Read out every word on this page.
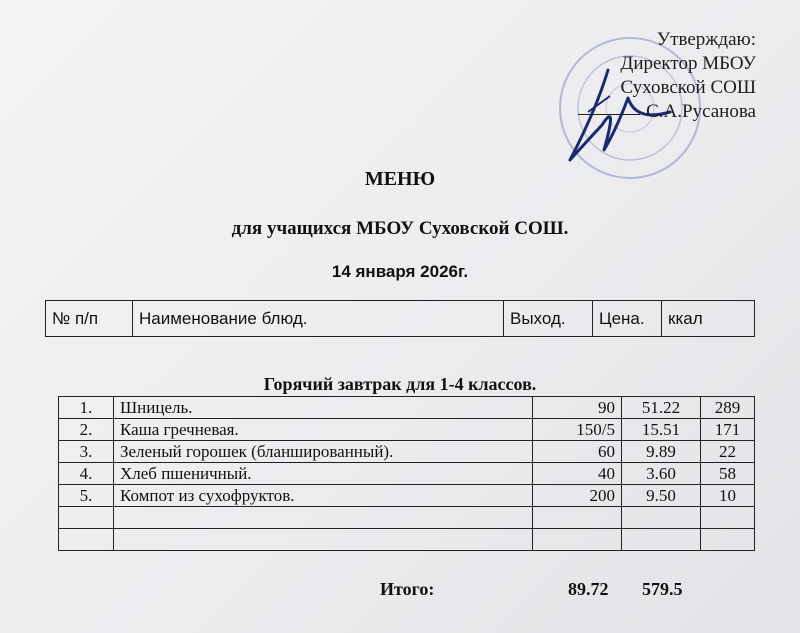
Утверждаю:
Директор МБОУ
Суховской СОШ
С.А.Русанова
МЕНЮ
для учащихся МБОУ Суховской СОШ.
14 января 2026г.
№ п/п	Наименование блюд.	Выход.	Цена.	ккал
Горячий завтрак для 1-4 классов.
1.	Шницель.	90	51.22	289
2.	Каша гречневая.	150/5	15.51	171
3.	Зеленый горошек (бланшированный).	60	9.89	22
4.	Хлеб пшеничный.	40	3.60	58
5.	Компот из сухофруктов.	200	9.50	10

Итого:	89.72 579.5
